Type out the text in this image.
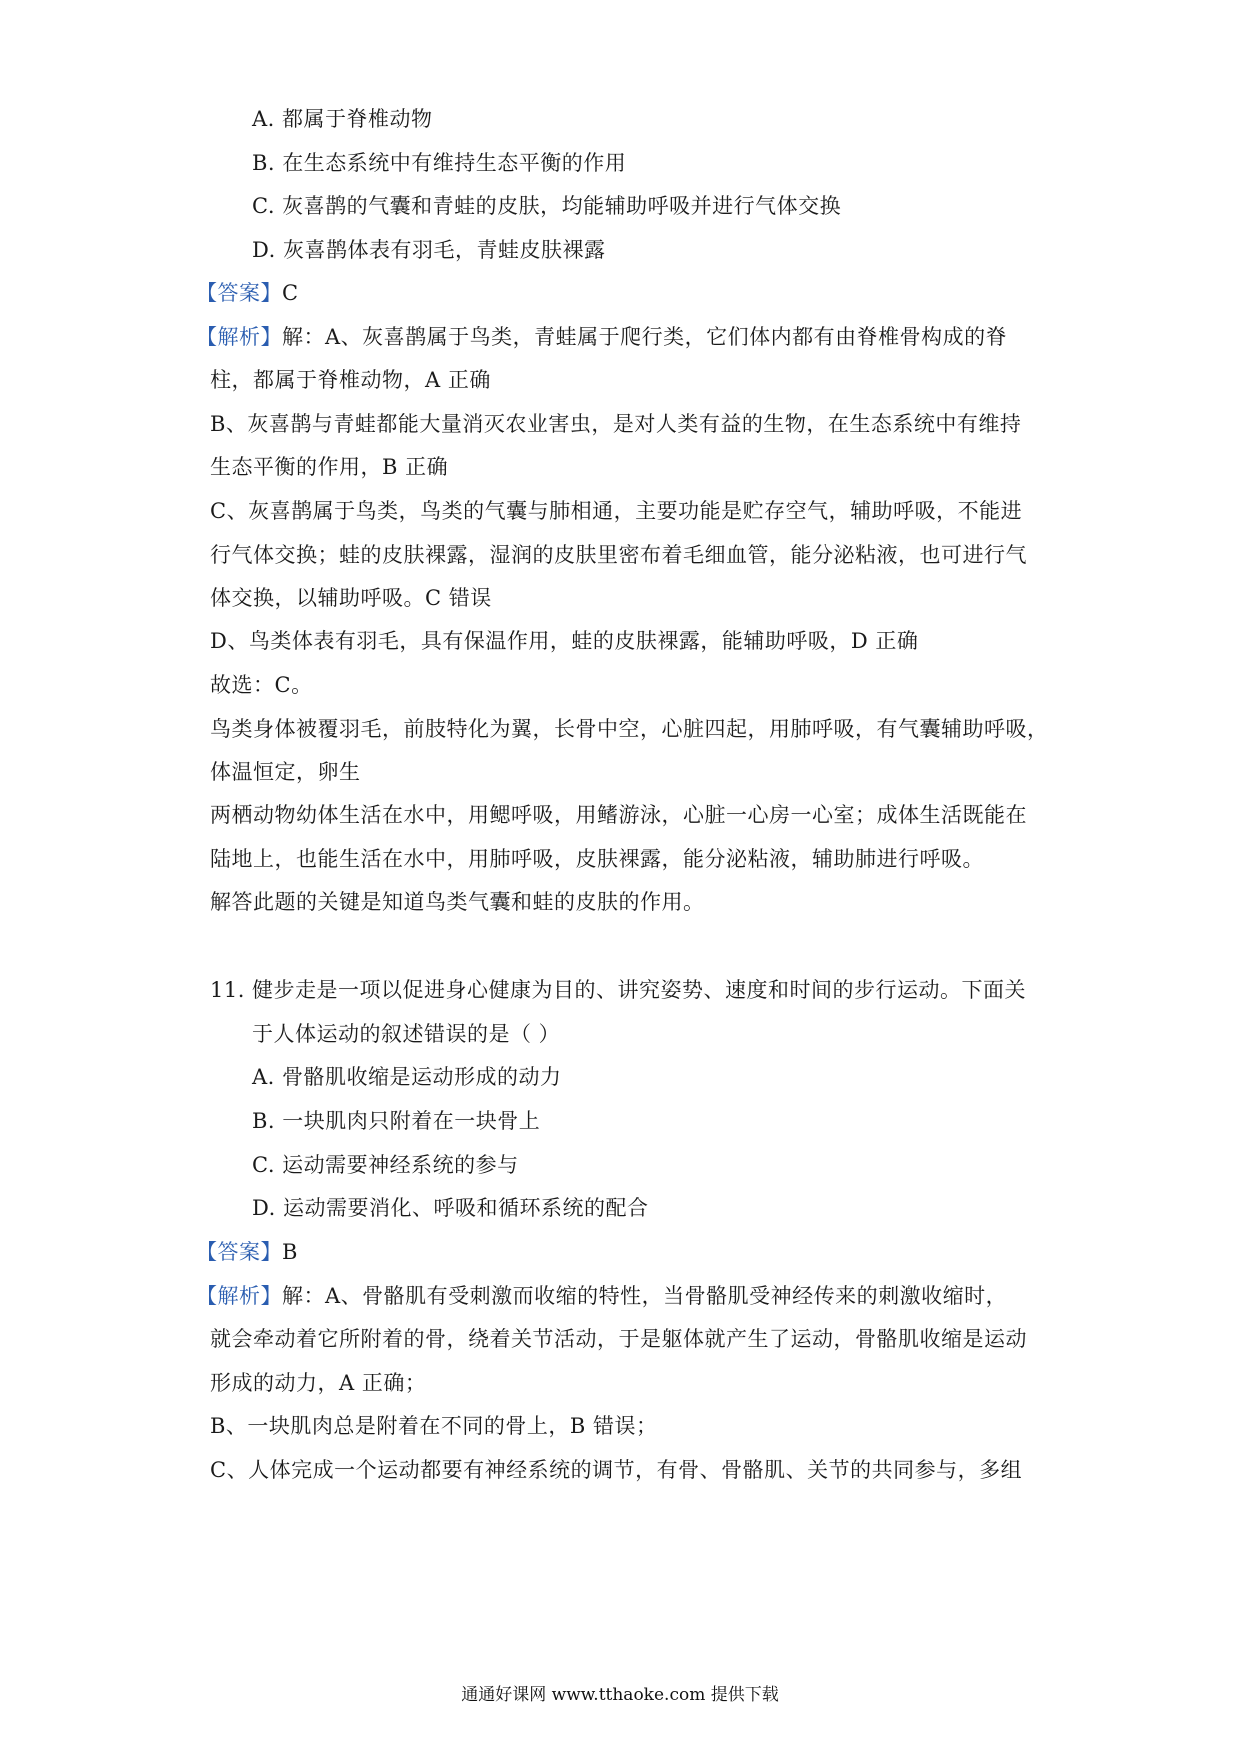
A. 都属于脊椎动物
B. 在生态系统中有维持生态平衡的作用
C. 灰喜鹊的气囊和青蛙的皮肤，均能辅助呼吸并进行气体交换
D. 灰喜鹊体表有羽毛，青蛙皮肤裸露
【答案】C
【解析】解：A、灰喜鹊属于鸟类，青蛙属于爬行类，它们体内都有由脊椎骨构成的脊
柱，都属于脊椎动物，A 正确
B、灰喜鹊与青蛙都能大量消灭农业害虫，是对人类有益的生物，在生态系统中有维持
生态平衡的作用，B 正确
C、灰喜鹊属于鸟类，鸟类的气囊与肺相通，主要功能是贮存空气，辅助呼吸，不能进
行气体交换；蛙的皮肤裸露，湿润的皮肤里密布着毛细血管，能分泌粘液，也可进行气
体交换，以辅助呼吸。C 错误
D、鸟类体表有羽毛，具有保温作用，蛙的皮肤裸露，能辅助呼吸，D 正确
故选：C。
鸟类身体被覆羽毛，前肢特化为翼，长骨中空，心脏四起，用肺呼吸，有气囊辅助呼吸，
体温恒定，卵生
两栖动物幼体生活在水中，用鳃呼吸，用鳍游泳，心脏一心房一心室；成体生活既能在
陆地上，也能生活在水中，用肺呼吸，皮肤裸露，能分泌粘液，辅助肺进行呼吸。
解答此题的关键是知道鸟类气囊和蛙的皮肤的作用。
11. 健步走是一项以促进身心健康为目的、讲究姿势、速度和时间的步行运动。下面关
于人体运动的叙述错误的是（ ）
A. 骨骼肌收缩是运动形成的动力
B. 一块肌肉只附着在一块骨上
C. 运动需要神经系统的参与
D. 运动需要消化、呼吸和循环系统的配合
【答案】B
【解析】解：A、骨骼肌有受刺激而收缩的特性，当骨骼肌受神经传来的刺激收缩时，
就会牵动着它所附着的骨，绕着关节活动，于是躯体就产生了运动，骨骼肌收缩是运动
形成的动力，A 正确；
B、一块肌肉总是附着在不同的骨上，B 错误；
C、人体完成一个运动都要有神经系统的调节，有骨、骨骼肌、关节的共同参与，多组
通通好课网 www.tthaoke.com 提供下载
